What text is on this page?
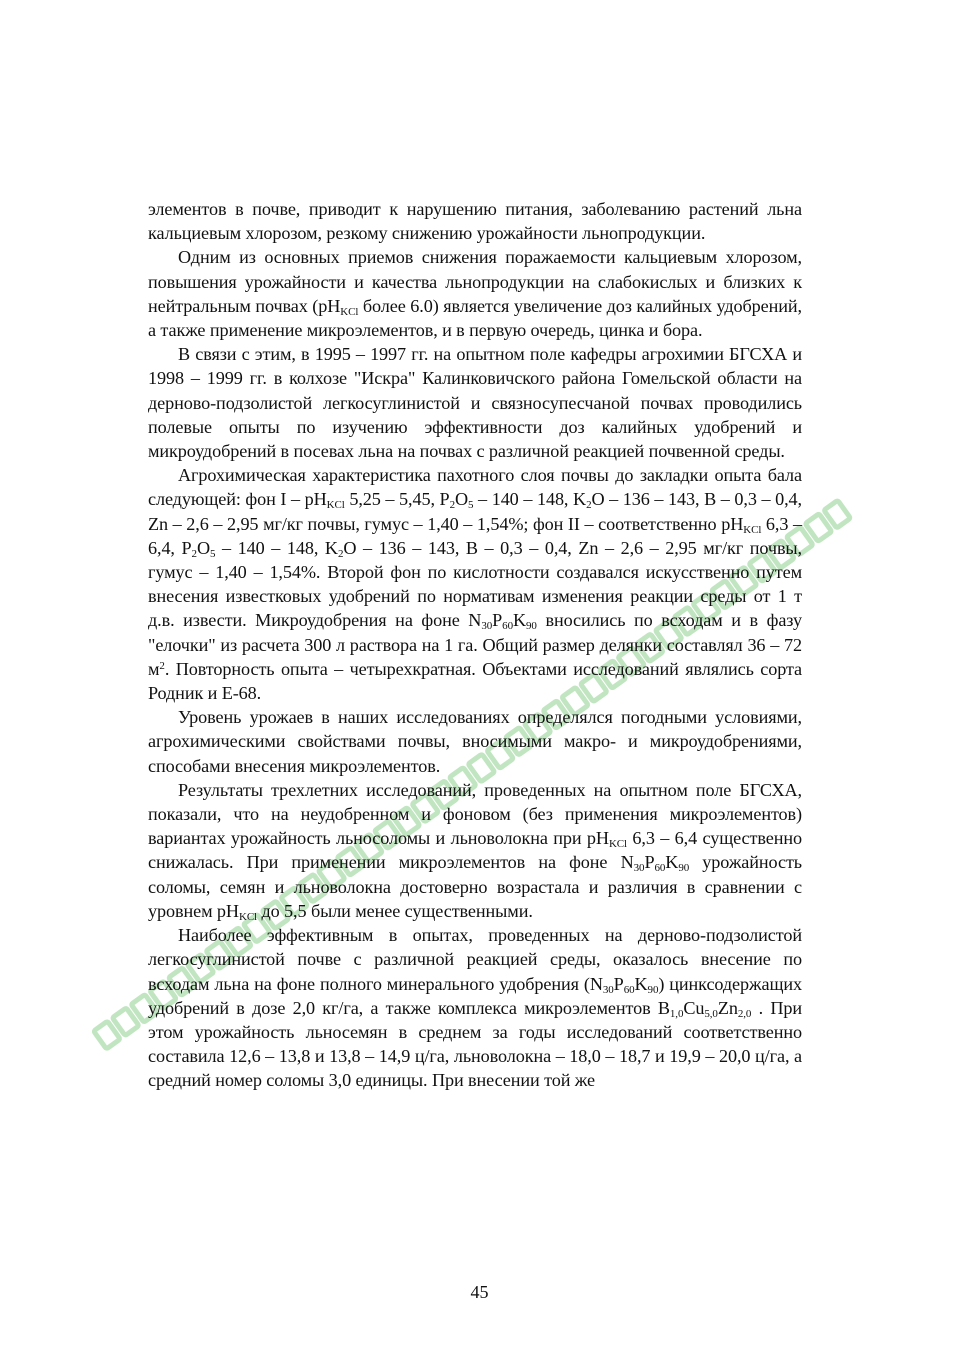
элементов в почве, приводит к нарушению питания, заболеванию растений льна кальциевым хлорозом, резкому снижению урожайности льнопродукции.

Одним из основных приемов снижения поражаемости кальциевым хлорозом, повышения урожайности и качества льнопродукции на слабокислых и близких к нейтральным почвах ($pH_{KCl}$ более 6.0) является увеличение доз калийных удобрений, а также применение микроэлементов, и в первую очередь, цинка и бора.

В связи с этим, в 1995 – 1997 гг. на опытном поле кафедры агрохимии БГСХА и 1998 – 1999 гг. в колхозе "Искра" Калинковичского района Гомельской области на дерново-подзолистой легкосуглинистой и связносупесчаной почвах проводились полевые опыты по изучению эффективности доз калийных удобрений и микроудобрений в посевах льна на почвах с различной реакцией почвенной среды.

Агрохимическая характеристика пахотного слоя почвы до закладки опыта бала следующей: фон I – $pH_{KCl}$ 5,25 – 5,45, $P_2O_5 - 140 - 148$, $K_2O - 136 - 143$, B – 0,3 – 0,4, Zn – 2,6 – 2,95 мг/кг почвы, гумус – 1,40 – 1,54%; фон II – соответственно $pH_{KCl}$ 6,3 – 6,4, $P_2O_5 - 140 - 148$, $K_2O - 136 - 143$, B – 0,3 – 0,4, Zn – 2,6 – 2,95 мг/кг почвы, гумус – 1,40 – 1,54%. Второй фон по кислотности создавался искусственно путем внесения известковых удобрений по нормативам изменения реакции среды от 1 т д.в. извести. Микроудобрения на фоне $N_{30}P_{60}K_{90}$ вносились по всходам и в фазу "елочки" из расчета 300 л раствора на 1 га. Общий размер делянки составлял 36 – 72 $м^2$. Повторность опыта – четырехкратная. Объектами исследований являлись сорта Родник и Е-68.

Уровень урожаев в наших исследованиях определялся погодными условиями, агрохимическими свойствами почвы, вносимыми макро- и микроудобрениями, способами внесения микроэлементов.

Результаты трехлетних исследований, проведенных на опытном поле БГСХА, показали, что на неудобренном и фоновом (без применения микроэлементов) вариантах урожайность льносоломы и льноволокна при $pH_{KCl}$ 6,3 – 6,4 существенно снижалась. При применении микроэлементов на фоне $N_{30}P_{60}K_{90}$ урожайность соломы, семян и льноволокна достоверно возрастала и различия в сравнении с уровнем $pH_{KCl}$ до 5,5 были менее существенными.

Наиболее эффективным в опытах, проведенных на дерново-подзолистой легкосуглинистой почве с различной реакцией среды, оказалось внесение по всходам льна на фоне полного минерального удобрения $(N_{30}P_{60}K_{90})$ цинксодержащих удобрений в дозе 2,0 кг/га, а также комплекса микроэлементов $B_{1,0}Cu_{5,0}Zn_{2,0}$ . При этом урожайность льносемян в среднем за годы исследований соответственно составила 12,6 – 13,8 и 13,8 – 14,9 ц/га, льноволокна – 18,0 – 18,7 и 19,9 – 20,0 ц/га, а средний номер соломы 3,0 единицы. При внесении той же

45
